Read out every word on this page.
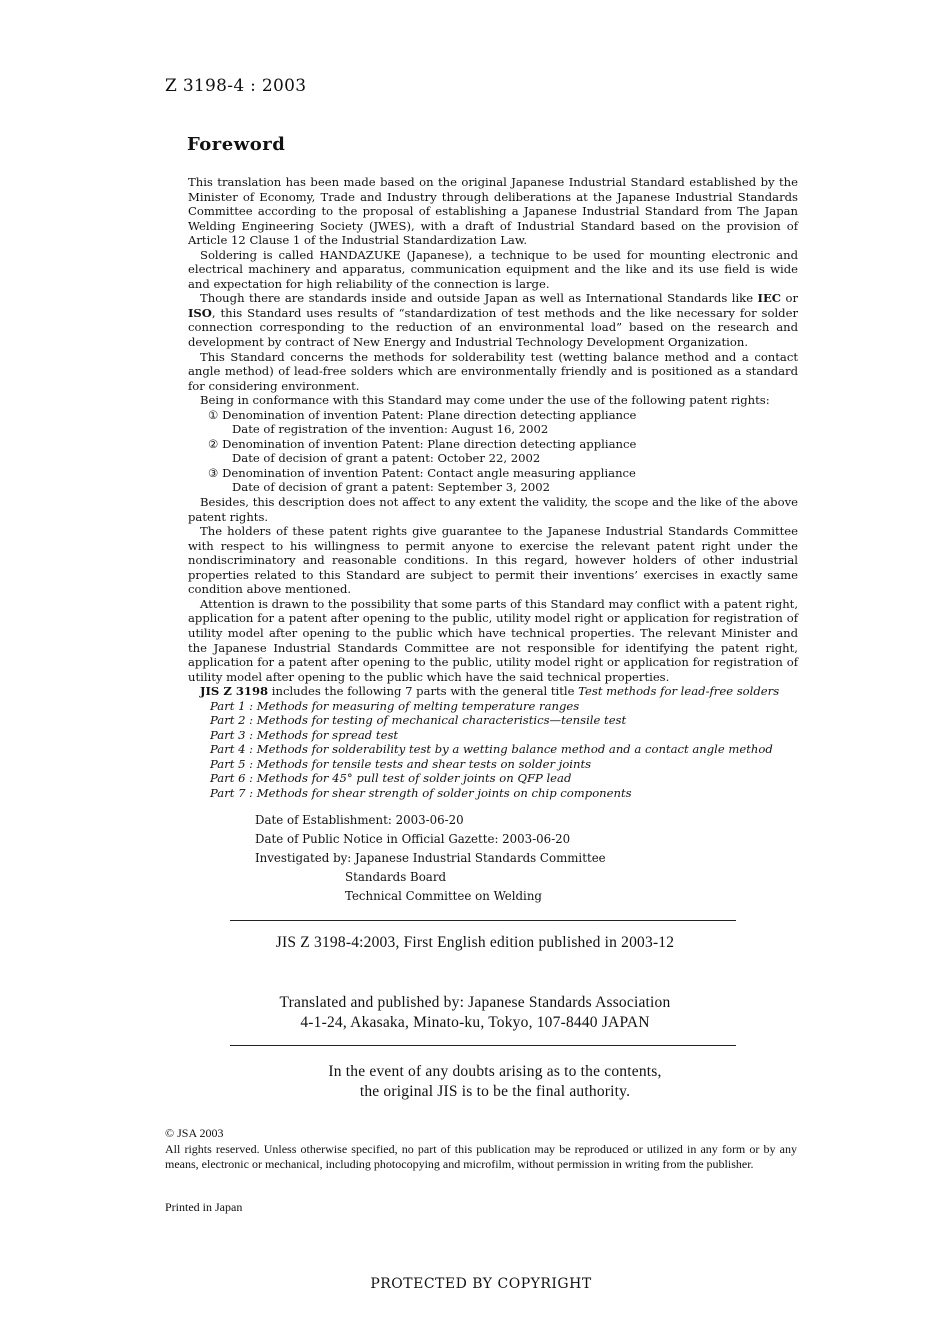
Z 3198-4 : 2003
Foreword

This translation has been made based on the original Japanese Industrial Standard established by the Minister of Economy, Trade and Industry through deliberations at the Japanese Industrial Standards Committee according to the proposal of establishing a Japanese Industrial Standard from The Japan Welding Engineering Society (JWES), with a draft of Industrial Standard based on the provision of Article 12 Clause 1 of the Industrial Standardization Law.

Soldering is called HANDAZUKE (Japanese), a technique to be used for mounting electronic and electrical machinery and apparatus, communication equipment and the like and its use field is wide and expectation for high reliability of the connection is large.

Though there are standards inside and outside Japan as well as International Standards like IEC or ISO, this Standard uses results of “standardization of test methods and the like necessary for solder connection corresponding to the reduction of an environmental load” based on the research and development by contract of New Energy and Industrial Technology Development Organization.

This Standard concerns the methods for solderability test (wetting balance method and a contact angle method) of lead-free solders which are environmentally friendly and is positioned as a standard for considering environment.

Being in conformance with this Standard may come under the use of the following patent rights:

① Denomination of invention Patent: Plane direction detecting appliance

Date of registration of the invention: August 16, 2002

② Denomination of invention Patent: Plane direction detecting appliance

Date of decision of grant a patent: October 22, 2002

③ Denomination of invention Patent: Contact angle measuring appliance

Date of decision of grant a patent: September 3, 2002

Besides, this description does not affect to any extent the validity, the scope and the like of the above patent rights.

The holders of these patent rights give guarantee to the Japanese Industrial Standards Committee with respect to his willingness to permit anyone to exercise the relevant patent right under the nondiscriminatory and reasonable conditions. In this regard, however holders of other industrial properties related to this Standard are subject to permit their inventions’ exercises in exactly same condition above mentioned.

Attention is drawn to the possibility that some parts of this Standard may conflict with a patent right, application for a patent after opening to the public, utility model right or application for registration of utility model after opening to the public which have technical properties. The relevant Minister and the Japanese Industrial Standards Committee are not responsible for identifying the patent right, application for a patent after opening to the public, utility model right or application for registration of utility model after opening to the public which have the said technical properties.

JIS Z 3198 includes the following 7 parts with the general title Test methods for lead-free solders

Part 1 : Methods for measuring of melting temperature ranges

Part 2 : Methods for testing of mechanical characteristics—tensile test

Part 3 : Methods for spread test

Part 4 : Methods for solderability test by a wetting balance method and a contact angle method

Part 5 : Methods for tensile tests and shear tests on solder joints

Part 6 : Methods for 45° pull test of solder joints on QFP lead

Part 7 : Methods for shear strength of solder joints on chip components

Date of Establishment: 2003-06-20
Date of Public Notice in Official Gazette: 2003-06-20
Investigated by: Japanese Industrial Standards Committee
Standards Board
Technical Committee on Welding
JIS Z 3198-4:2003, First English edition published in 2003-12
Translated and published by: Japanese Standards Association
4-1-24, Akasaka, Minato-ku, Tokyo, 107-8440 JAPAN
In the event of any doubts arising as to the contents,
the original JIS is to be the final authority.

© JSA 2003

All rights reserved. Unless otherwise specified, no part of this publication may be reproduced or utilized in any form or by any means, electronic or mechanical, including photocopying and microfilm, without permission in writing from the publisher.

Printed in Japan
PROTECTED BY COPYRIGHT
